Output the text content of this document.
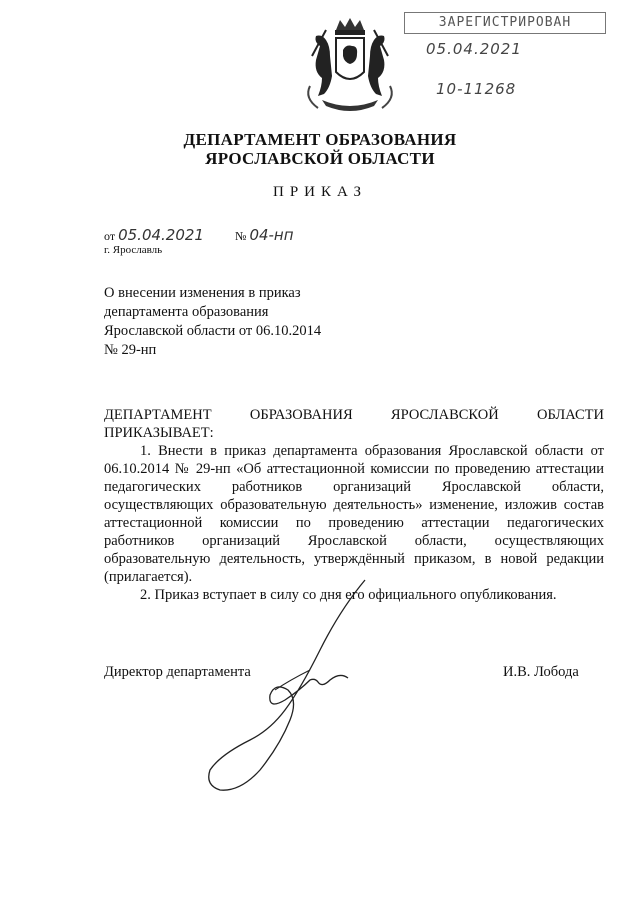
ЗАРЕГИСТРИРОВАН
05.04.2021
10-11268
ДЕПАРТАМЕНТ ОБРАЗОВАНИЯ
ЯРОСЛАВСКОЙ ОБЛАСТИ
ПРИКАЗ
от 05.04.2021	№ 04-нп
г. Ярославль
О внесении изменения в приказ
департамента образования
Ярославской области от 06.10.2014
№ 29-нп

ДЕПАРТАМЕНТ ОБРАЗОВАНИЯ ЯРОСЛАВСКОЙ ОБЛАСТИ

ПРИКАЗЫВАЕТ:

1. Внести в приказ департамента образования Ярославской области от 06.10.2014 № 29-нп «Об аттестационной комиссии по проведению аттестации педагогических работников организаций Ярославской области, осуществляющих образовательную деятельность» изменение, изложив состав аттестационной комиссии по проведению аттестации педагогических работников организаций Ярославской области, осуществляющих образовательную деятельность, утверждённый приказом, в новой редакции (прилагается).

2. Приказ вступает в силу со дня его официального опубликования.

Директор департамента	И.В. Лобода
